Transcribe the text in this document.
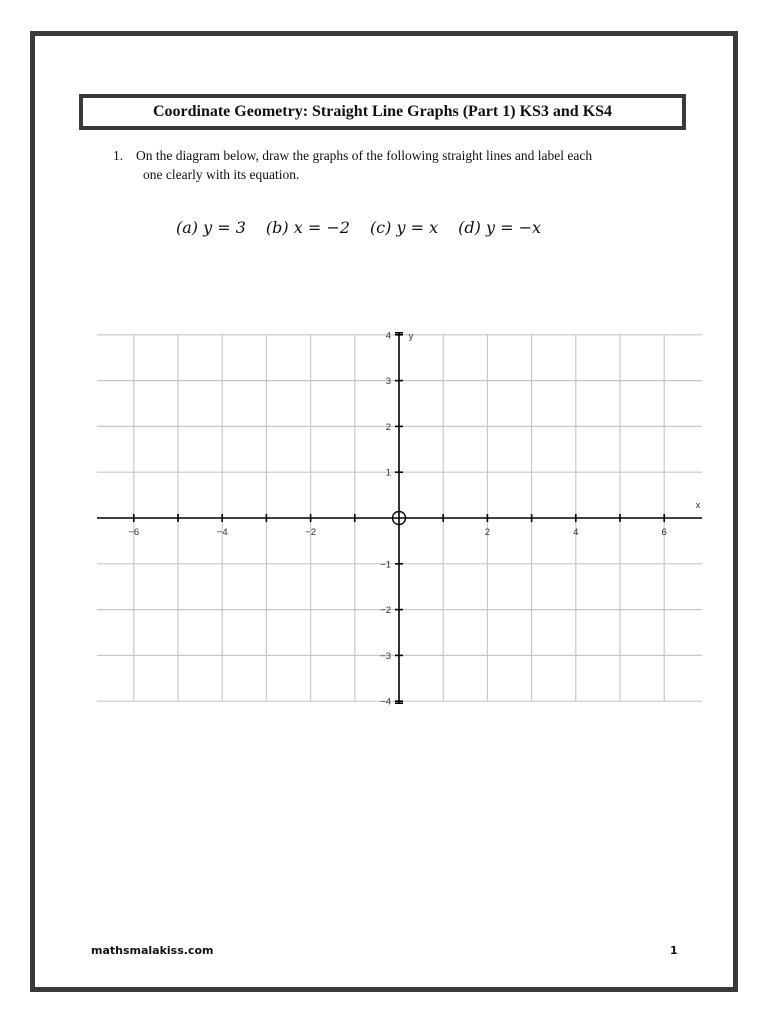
Coordinate Geometry: Straight Line Graphs (Part 1) KS3 and KS4
1. On the diagram below, draw the graphs of the following straight lines and label each
one clearly with its equation.
(a) y = 3 (b) x = −2 (c) y = x (d) y = −x
−6	−4	−2	2	4	6
4
3
2
1
−1
−2
−3
−4
x
y
mathsmalakiss.com	1
